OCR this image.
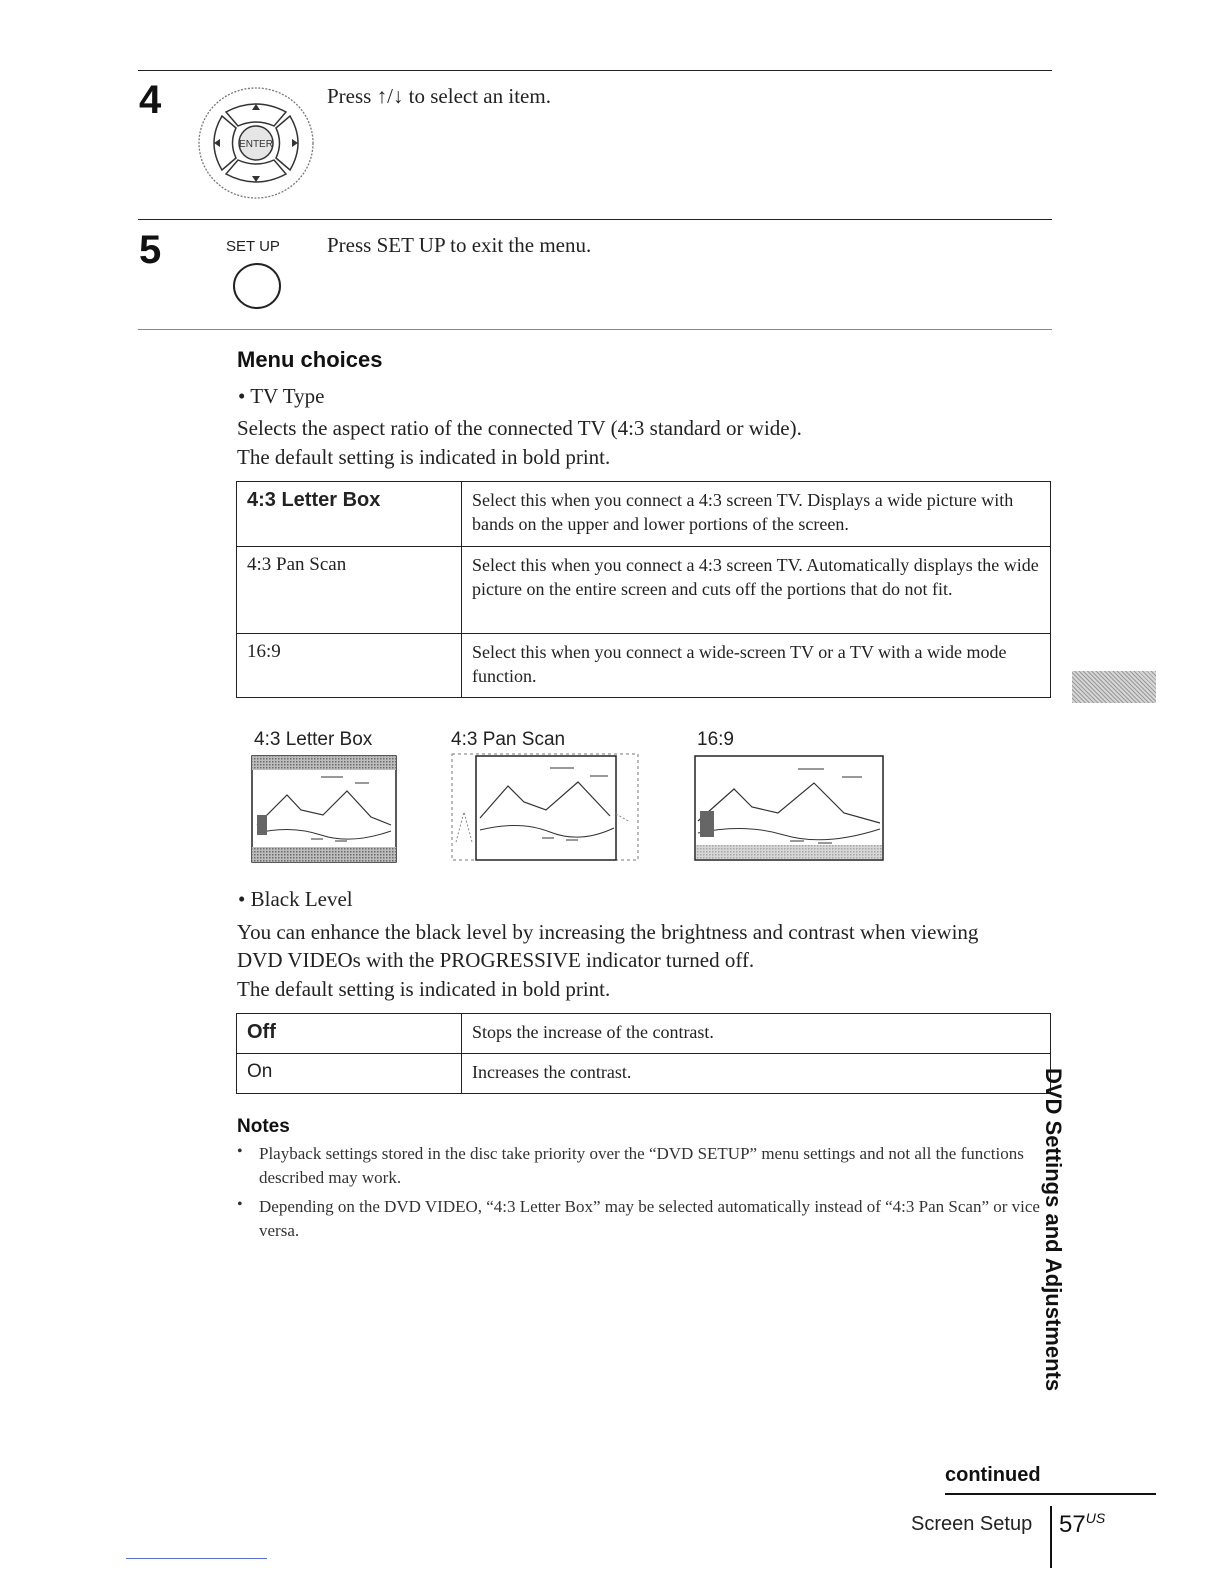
4
ENTER
Press ↑/↓ to select an item.
5	SET UP Press SET UP to exit the menu.
Menu choices
• TV Type
Selects the aspect ratio of the connected TV (4:3 standard or wide).
The default setting is indicated in bold print.
4:3 Letter Box	Select this when you connect a 4:3 screen TV. Displays a wide picture with bands on the upper and lower portions of the screen.
4:3 Pan Scan	Select this when you connect a 4:3 screen TV. Automatically displays the wide picture on the entire screen and cuts off the portions that do not fit.
16:9	Select this when you connect a wide-screen TV or a TV with a wide mode function.
4:3 Letter Box	4:3 Pan Scan	16:9
• Black Level
You can enhance the black level by increasing the brightness and contrast when viewing DVD VIDEOs with the PROGRESSIVE indicator turned off.
The default setting is indicated in bold print.
Off	Stops the increase of the contrast.
On	Increases the contrast.
Notes
• Playback settings stored in the disc take priority over the “DVD SETUP” menu settings and not all the functions described may work.
• Depending on the DVD VIDEO, “4:3 Letter Box” may be selected automatically instead of “4:3 Pan Scan” or vice versa.	DVD Settings and Adjustments
continued
Screen Setup $57^{US}$
